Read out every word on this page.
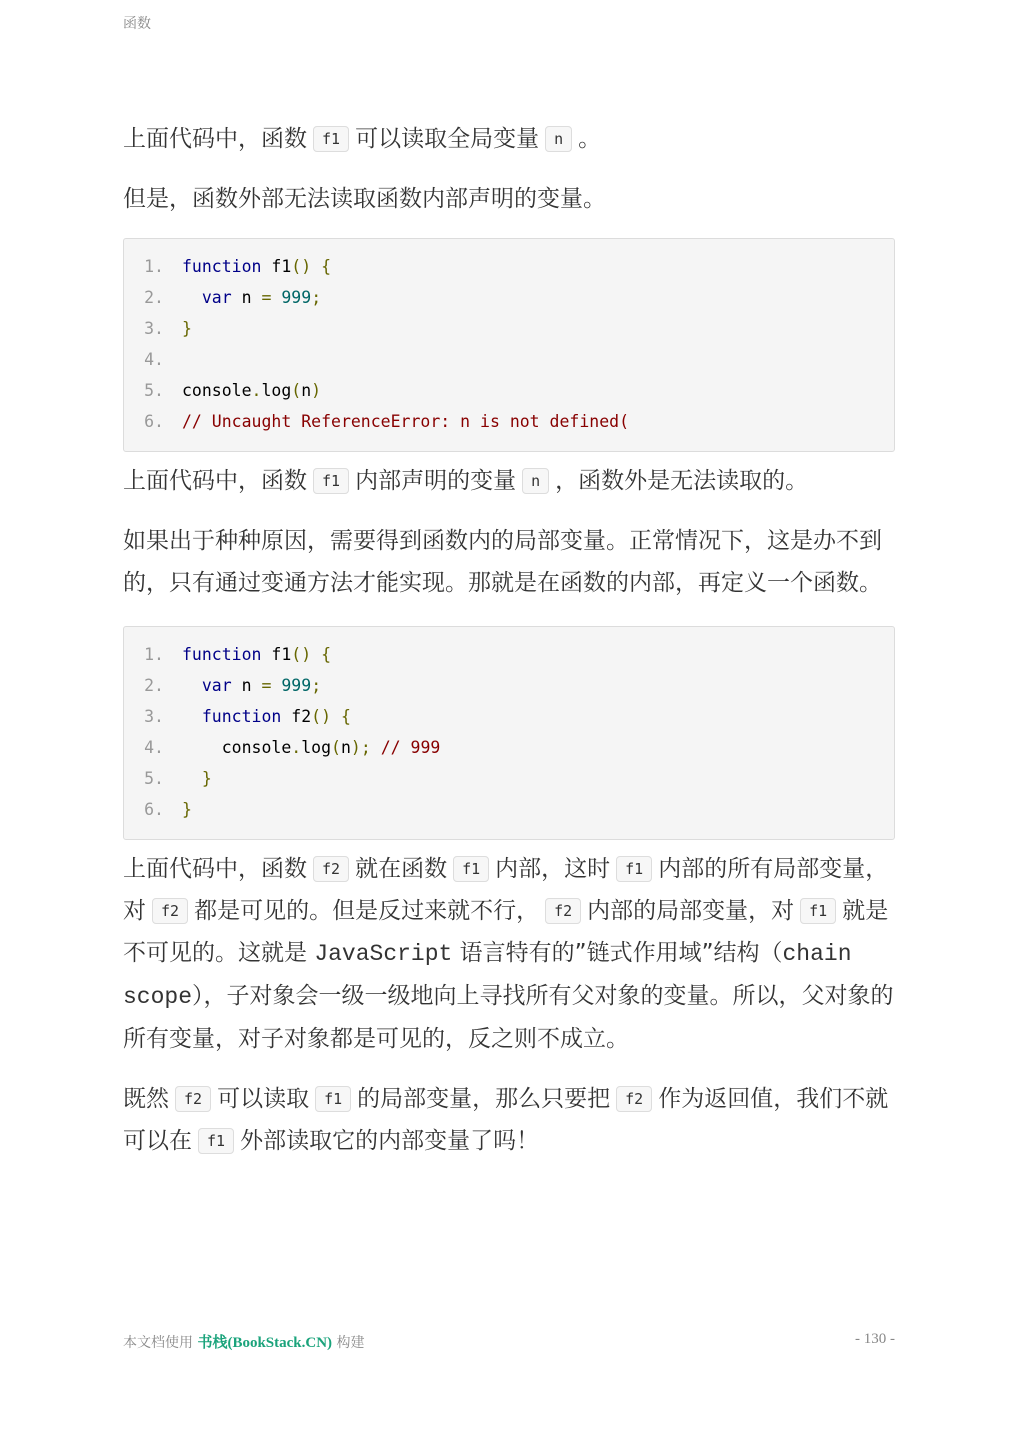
函数

上面代码中，函数 f1 可以读取全局变量 n 。

但是，函数外部无法读取函数内部声明的变量。

1.	function f1() {
2.	var n = 999;
3.	}
4.
5.	console.log(n)
6.	// Uncaught ReferenceError: n is not defined(

上面代码中，函数 f1 内部声明的变量 n ，函数外是无法读取的。

如果出于种种原因，需要得到函数内的局部变量。正常情况下，这是办不到的，只有通过变通方法才能实现。那就是在函数的内部，再定义一个函数。

1.	function f1() {
2.	var n = 999;
3.	function f2() {
4.	console.log(n); // 999
5.	}
6.	}

上面代码中，函数 f2 就在函数 f1 内部，这时 f1 内部的所有局部变量，对 f2 都是可见的。但是反过来就不行， f2 内部的局部变量，对 f1 就是不可见的。这就是 JavaScript 语言特有的”链式作用域”结构（chain scope），子对象会一级一级地向上寻找所有父对象的变量。所以，父对象的所有变量，对子对象都是可见的，反之则不成立。

既然 f2 可以读取 f1 的局部变量，那么只要把 f2 作为返回值，我们不就可以在 f1 外部读取它的内部变量了吗！

本文档使用 书栈(BookStack.CN) 构建	- 130 -
